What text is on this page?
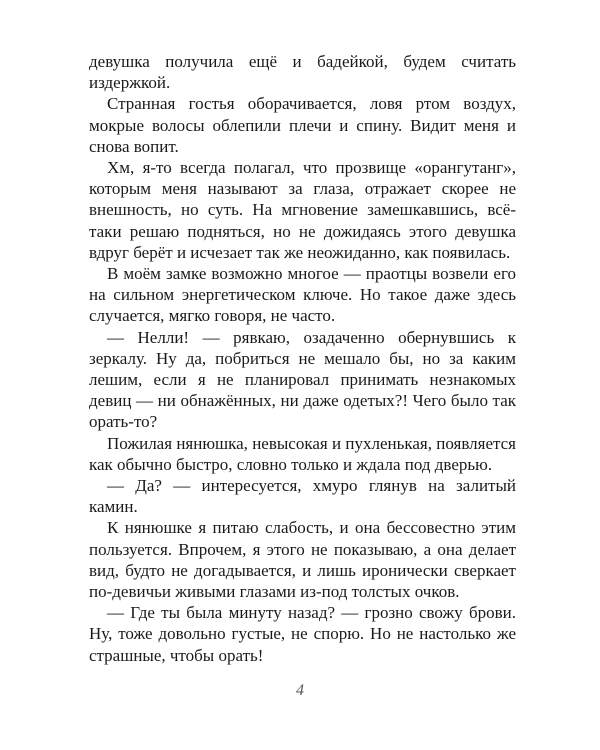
девушка получила ещё и бадейкой, будем считать издержкой.

Странная гостья оборачивается, ловя ртом воздух, мокрые волосы облепили плечи и спину. Видит меня и снова вопит.

Хм, я-то всегда полагал, что прозвище «орангутанг», которым меня называют за глаза, отражает скорее не внешность, но суть. На мгновение замешкавшись, всё-таки решаю подняться, но не дожидаясь этого девушка вдруг берёт и исчезает так же неожиданно, как появилась.

В моём замке возможно многое — праотцы возвели его на сильном энергетическом ключе. Но такое даже здесь случается, мягко говоря, не часто.

— Нелли! — рявкаю, озадаченно обернувшись к зеркалу. Ну да, побриться не мешало бы, но за каким лешим, если я не планировал принимать незнакомых девиц — ни обнажённых, ни даже одетых?! Чего было так орать-то?

Пожилая нянюшка, невысокая и пухленькая, появляется как обычно быстро, словно только и ждала под дверью.

— Да? — интересуется, хмуро глянув на залитый камин.

К нянюшке я питаю слабость, и она бессовестно этим пользуется. Впрочем, я этого не показываю, а она делает вид, будто не догадывается, и лишь иронически сверкает по-девичьи живыми глазами из-под толстых очков.

— Где ты была минуту назад? — грозно свожу брови. Ну, тоже довольно густые, не спорю. Но не настолько же страшные, чтобы орать!

4
